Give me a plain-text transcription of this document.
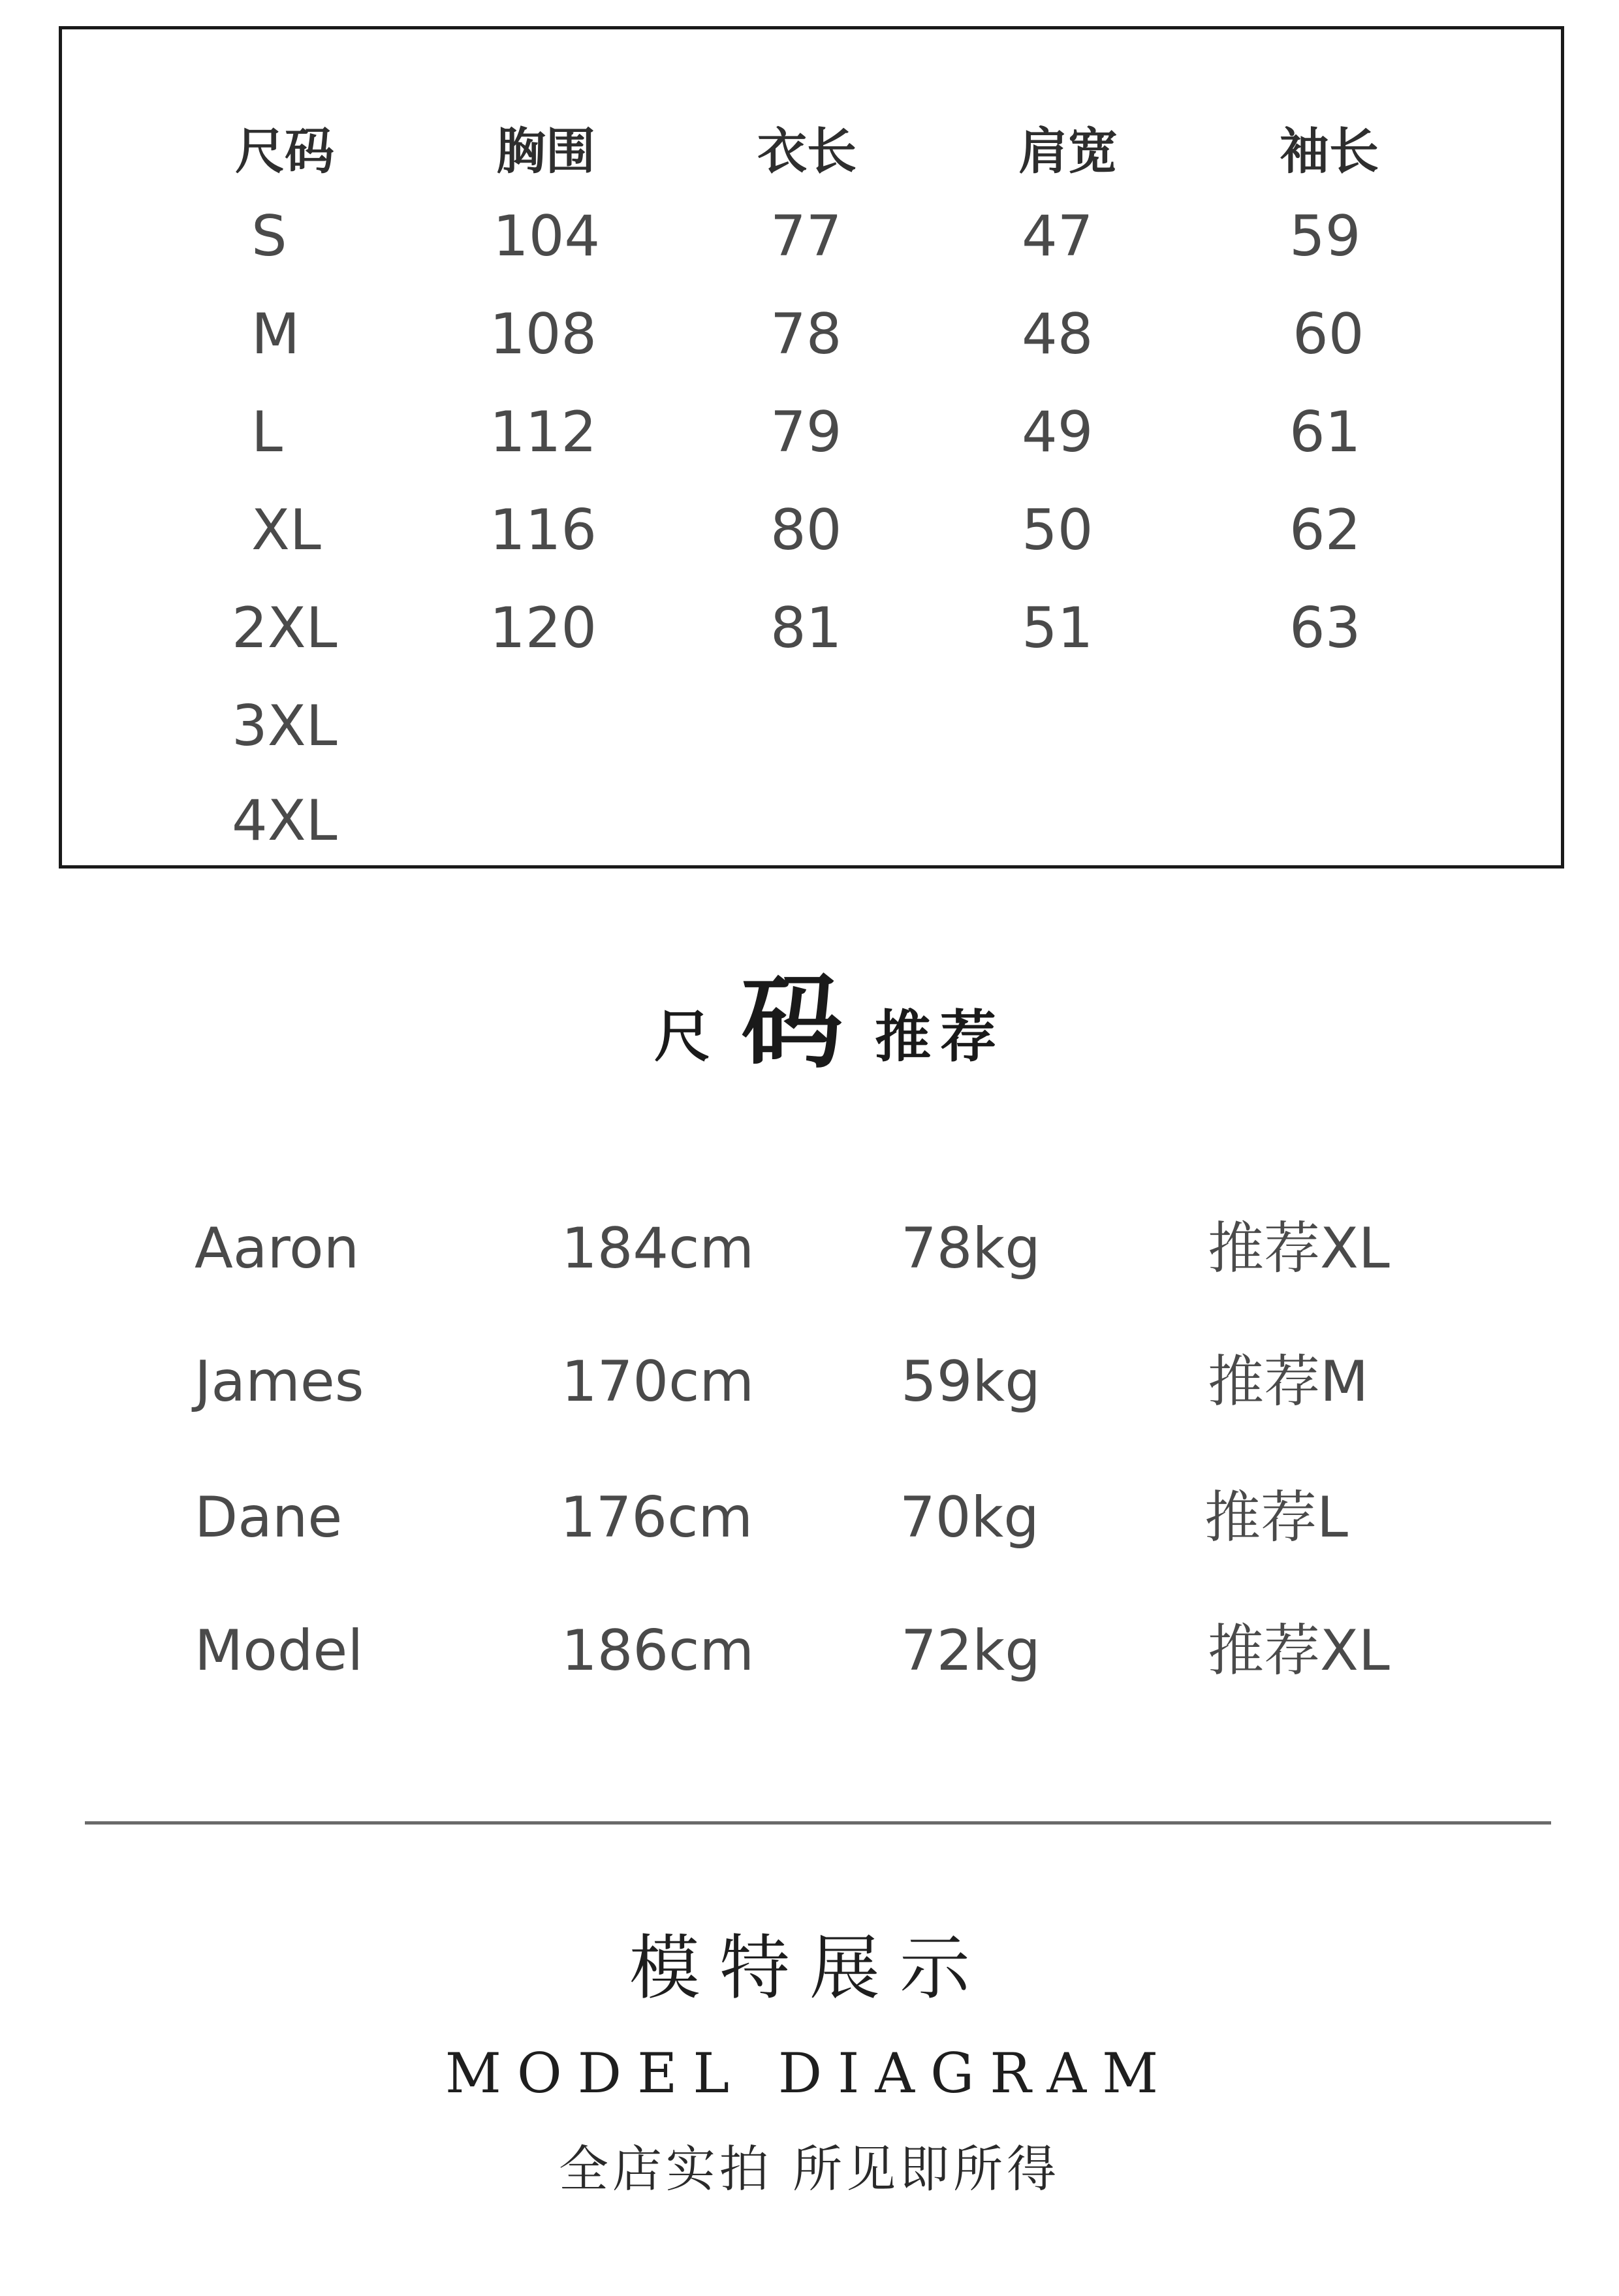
尺码	胸围	衣长	肩宽	袖长
S	104	77	47	59
M	108	78	48	60
L	112	79	49	61
XL	116	80	50	62
2XL	120	81	51	63
3XL
4XL
尺 码 推 荐
Aaron	184cm	78kg	推荐XL
James	170cm	59kg	推荐M
Dane	176cm	70kg	推荐L
Model	186cm	72kg	推荐XL
模特展示
MODEL DIAGRAM
全店实拍 所见即所得
